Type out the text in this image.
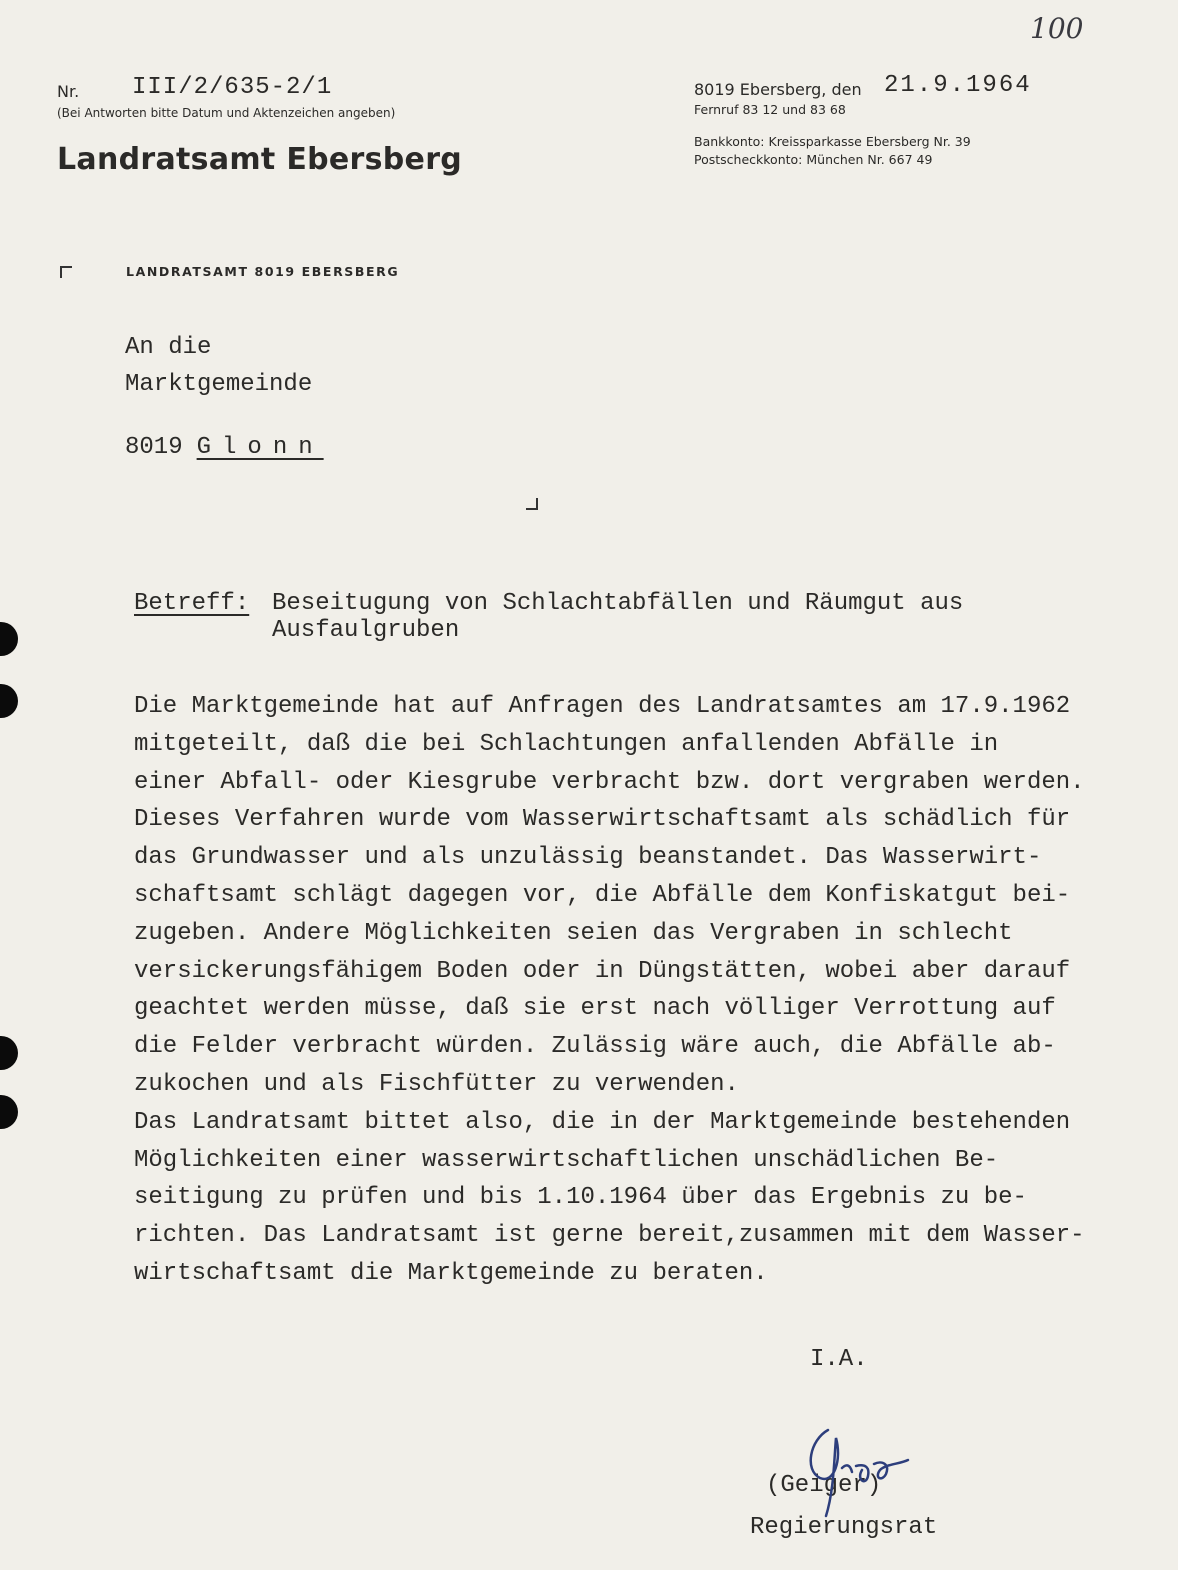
100
Nr. III/2/635-2/1
(Bei Antworten bitte Datum und Aktenzeichen angeben)
Landratsamt Ebersberg
8019 Ebersberg, den 21.9.1964
Fernruf 83 12 und 83 68
Bankkonto: Kreissparkasse Ebersberg Nr. 39
Postscheckkonto: München Nr. 667 49
LANDRATSAMT 8019 EBERSBERG
An die
Marktgemeinde
8019 Glonn
Betreff: Beseitugung von Schlachtabfällen und Räumgut aus
Ausfaulgruben

Die Marktgemeinde hat auf Anfragen des Landratsamtes am 17.9.1962

mitgeteilt, daß die bei Schlachtungen anfallenden Abfälle in

einer Abfall- oder Kiesgrube verbracht bzw. dort vergraben werden.

Dieses Verfahren wurde vom Wasserwirtschaftsamt als schädlich für

das Grundwasser und als unzulässig beanstandet. Das Wasserwirt-

schaftsamt schlägt dagegen vor, die Abfälle dem Konfiskatgut bei-

zugeben. Andere Möglichkeiten seien das Vergraben in schlecht

versickerungsfähigem Boden oder in Düngstätten, wobei aber darauf

geachtet werden müsse, daß sie erst nach völliger Verrottung auf

die Felder verbracht würden. Zulässig wäre auch, die Abfälle ab-

zukochen und als Fischfütter zu verwenden.

Das Landratsamt bittet also, die in der Marktgemeinde bestehenden

Möglichkeiten einer wasserwirtschaftlichen unschädlichen Be-

seitigung zu prüfen und bis 1.10.1964 über das Ergebnis zu be-

richten. Das Landratsamt ist gerne bereit,zusammen mit dem Wasser-

wirtschaftsamt die Marktgemeinde zu beraten.

I.A.
(Geiger)
Regierungsrat
